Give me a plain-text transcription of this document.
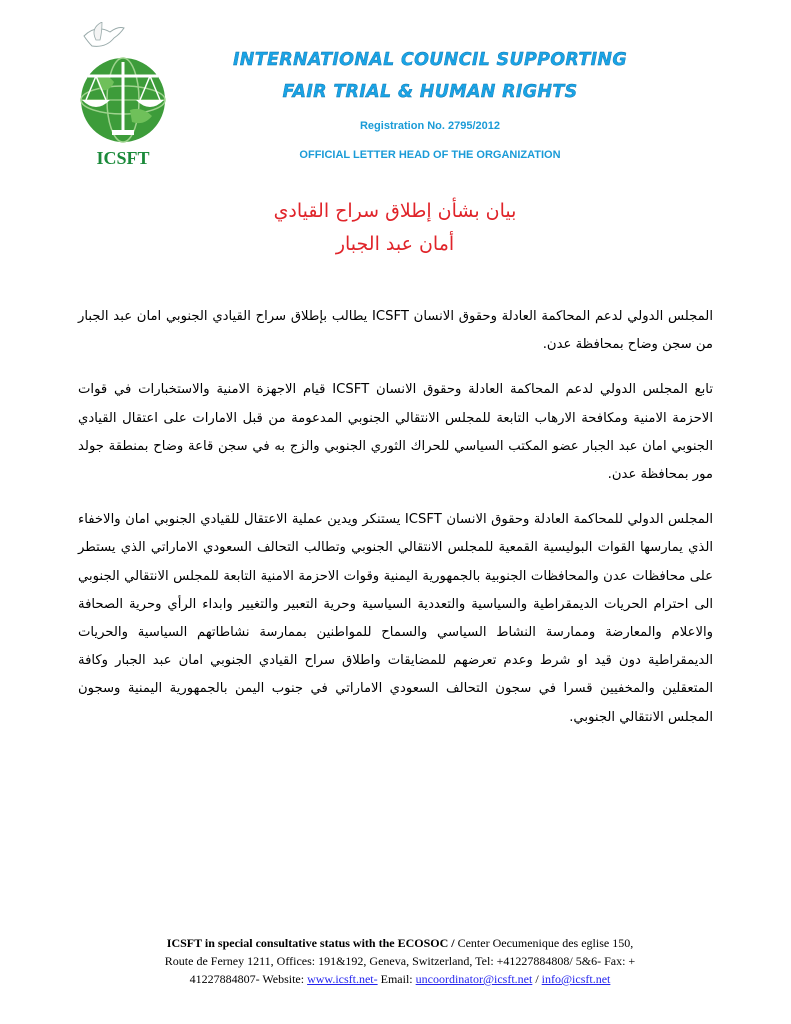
ICSFT
INTERNATIONAL COUNCIL SUPPORTING
FAIR TRIAL & HUMAN RIGHTS
Registration No. 2795/2012
OFFICIAL LETTER HEAD OF THE ORGANIZATION
بيان بشأن إطلاق سراح القيادي
أمان عبد الجبار

المجلس الدولي لدعم المحاكمة العادلة وحقوق الانسان ICSFT يطالب بإطلاق سراح القيادي الجنوبي امان عبد الجبار من سجن وضاح بمحافظة عدن.

تابع المجلس الدولي لدعم المحاكمة العادلة وحقوق الانسان ICSFT قيام الاجهزة الامنية والاستخبارات في قوات الاحزمة الامنية ومكافحة الارهاب التابعة للمجلس الانتقالي الجنوبي المدعومة من قبل الامارات على اعتقال القيادي الجنوبي امان عبد الجبار عضو المكتب السياسي للحراك الثوري الجنوبي والزج به في سجن قاعة وضاح بمنطقة جولد مور بمحافظة عدن.

المجلس الدولي للمحاكمة العادلة وحقوق الانسان ICSFT يستنكر ويدين عملية الاعتقال للقيادي الجنوبي امان والاخفاء الذي يمارسها القوات البوليسية القمعية للمجلس الانتقالي الجنوبي وتطالب التحالف السعودي الاماراتي الذي يستطر على محافظات عدن والمحافظات الجنوبية بالجمهورية اليمنية وقوات الاحزمة الامنية التابعة للمجلس الانتقالي الجنوبي الى احترام الحريات الديمقراطية والسياسية والتعددية السياسية وحرية التعبير والتغيير وابداء الرأي وحرية الصحافة والاعلام والمعارضة وممارسة النشاط السياسي والسماح للمواطنين بممارسة نشاطاتهم السياسية والحريات الديمقراطية دون قيد او شرط وعدم تعرضهم للمضايقات واطلاق سراح القيادي الجنوبي امان عبد الجبار وكافة المتعقلين والمخفيين قسرا في سجون التحالف السعودي الاماراتي في جنوب اليمن بالجمهورية اليمنية وسجون المجلس الانتقالي الجنوبي.

ICSFT in special consultative status with the ECOSOC / Center Oecumenique des eglise 150,
Route de Ferney 1211, Offices: 191&192, Geneva, Switzerland, Tel: +41227884808/ 5&6- Fax: +
41227884807- Website: www.icsft.net- Email: uncoordinator@icsft.net / info@icsft.net
